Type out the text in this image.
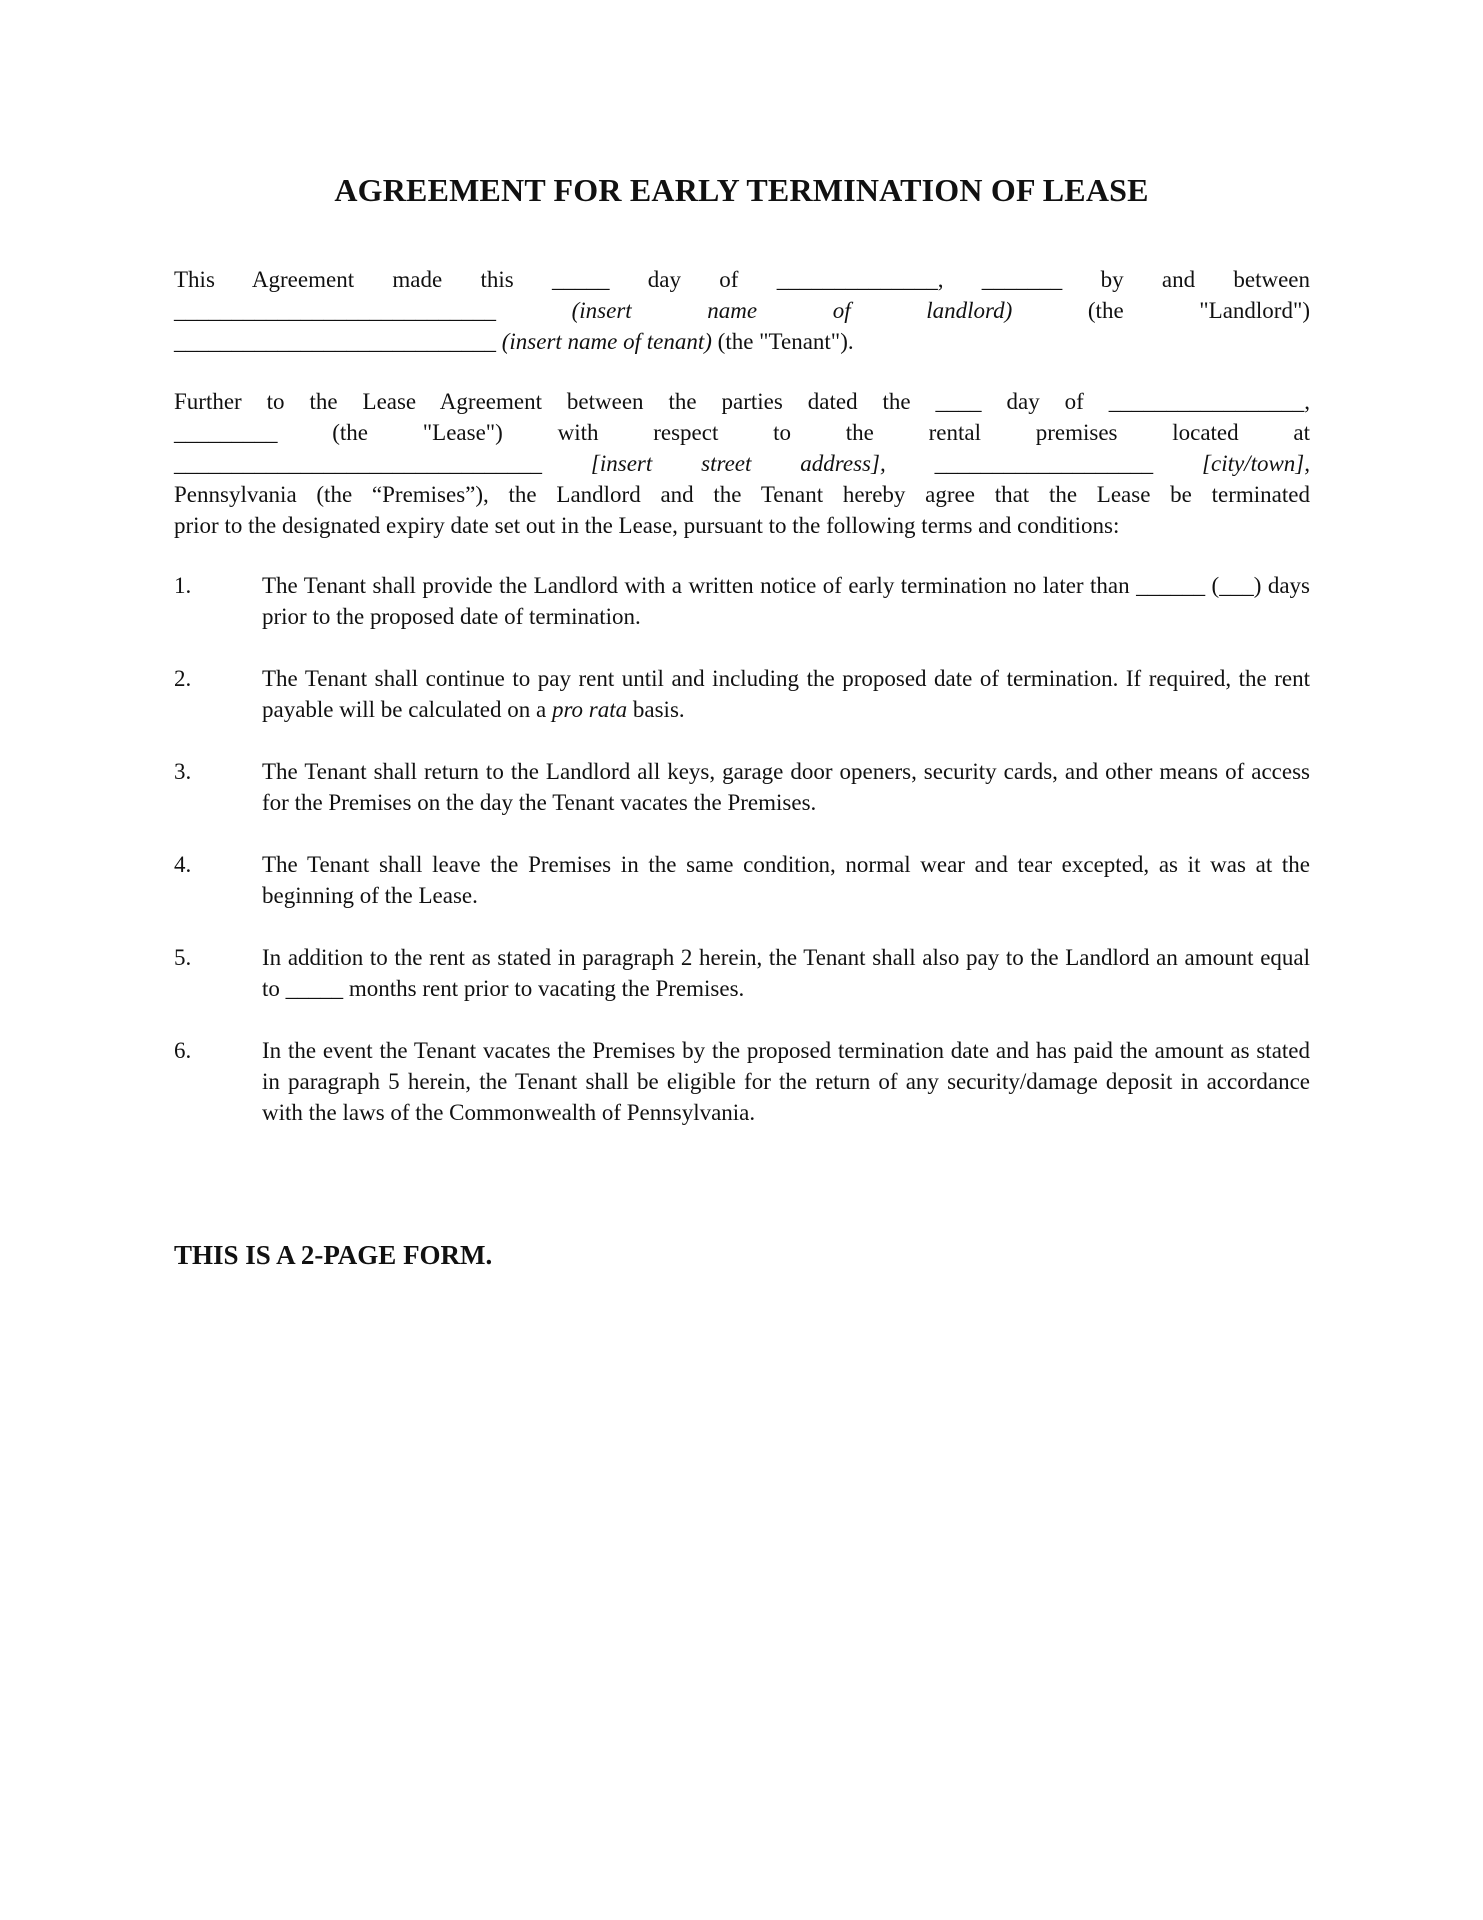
AGREEMENT FOR EARLY TERMINATION OF LEASE
This Agreement made this _____ day of ______________, _______ by and between
____________________________	(insert name of landlord)	(the "Landlord")
____________________________ (insert name of tenant) (the "Tenant").
Further to the Lease Agreement between the parties dated the ____ day of _________________,
_________ (the "Lease") with respect to the rental premises located at
________________________________ [insert street address], ___________________ [city/town],
Pennsylvania (the “Premises”), the Landlord and the Tenant hereby agree that the Lease be terminated
prior to the designated expiry date set out in the Lease, pursuant to the following terms and conditions:
1.	The Tenant shall provide the Landlord with a written notice of early termination no later than ______ (___) days prior to the proposed date of termination.
2.	The Tenant shall continue to pay rent until and including the proposed date of termination. If required, the rent payable will be calculated on a pro rata basis.
3.	The Tenant shall return to the Landlord all keys, garage door openers, security cards, and other means of access for the Premises on the day the Tenant vacates the Premises.
4.	The Tenant shall leave the Premises in the same condition, normal wear and tear excepted, as it was at the beginning of the Lease.
5.	In addition to the rent as stated in paragraph 2 herein, the Tenant shall also pay to the Landlord an amount equal to _____ months rent prior to vacating the Premises.
6.	In the event the Tenant vacates the Premises by the proposed termination date and has paid the amount as stated in paragraph 5 herein, the Tenant shall be eligible for the return of any security/damage deposit in accordance with the laws of the Commonwealth of Pennsylvania.

THIS IS A 2-PAGE FORM.
